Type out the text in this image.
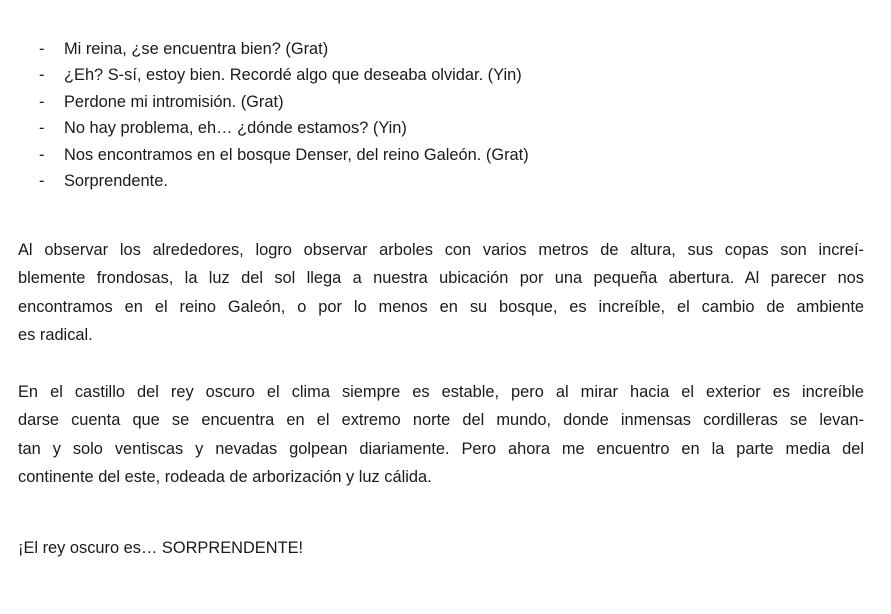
- Mi reina, ¿se encuentra bien? (Grat)
- ¿Eh? S-sí, estoy bien. Recordé algo que deseaba olvidar. (Yin)
- Perdone mi intromisión. (Grat)
- No hay problema, eh… ¿dónde estamos? (Yin)
- Nos encontramos en el bosque Denser, del reino Galeón. (Grat)
- Sorprendente.

Al observar los alrededores, logro observar arboles con varios metros de altura, sus copas son increí-
blemente frondosas, la luz del sol llega a nuestra ubicación por una pequeña abertura. Al parecer nos
encontramos en el reino Galeón, o por lo menos en su bosque, es increíble, el cambio de ambiente
es radical.

En el castillo del rey oscuro el clima siempre es estable, pero al mirar hacia el exterior es increíble
darse cuenta que se encuentra en el extremo norte del mundo, donde inmensas cordilleras se levan-
tan y solo ventiscas y nevadas golpean diariamente. Pero ahora me encuentro en la parte media del
continente del este, rodeada de arborización y luz cálida.

¡El rey oscuro es… SORPRENDENTE!
